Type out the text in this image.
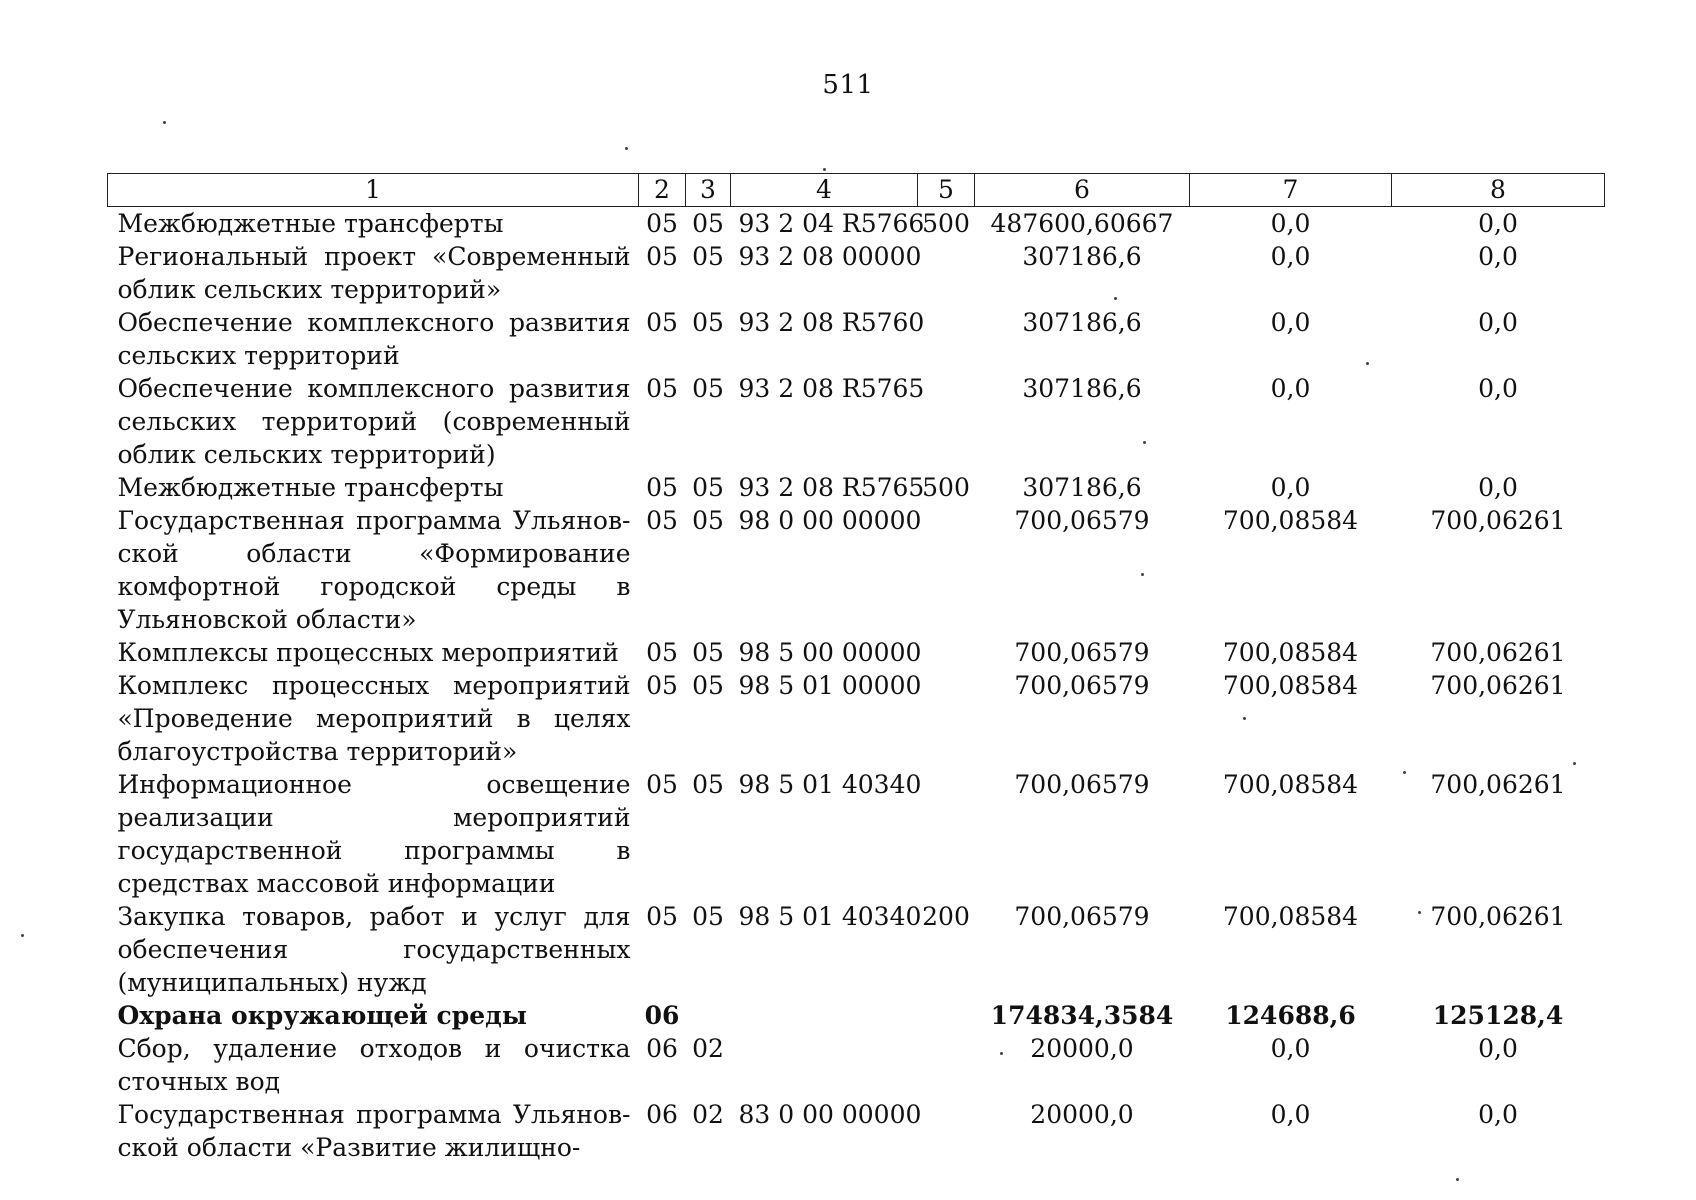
511
1	2	3	4	5	6	7	8
Межбюджетные трансферты	05	05	93 2 04 R5766	500	487600,60667	0,0	0,0
Региональный проект «Современный облик сельских территорий»	05	05	93 2 08 00000		307186,6	0,0	0,0
Обеспечение комплексного развития сельских территорий	05	05	93 2 08 R5760		307186,6	0,0	0,0
Обеспечение комплексного развития сельских территорий (современный облик сельских территорий)	05	05	93 2 08 R5765		307186,6	0,0	0,0
Межбюджетные трансферты	05	05	93 2 08 R5765	500	307186,6	0,0	0,0
Государственная программа Ульяновской области «Формирование комфортной городской среды в Ульяновской области»	05	05	98 0 00 00000		700,06579	700,08584	700,06261
Комплексы процессных мероприятий	05	05	98 5 00 00000		700,06579	700,08584	700,06261
Комплекс процессных мероприятий «Проведение мероприятий в целях благоустройства территорий»	05	05	98 5 01 00000		700,06579	700,08584	700,06261
Информационное освещение реализации мероприятий государственной программы в средствах массовой информации	05	05	98 5 01 40340		700,06579	700,08584	700,06261
Закупка товаров, работ и услуг для обеспечения государственных (муниципальных) нужд	05	05	98 5 01 40340	200	700,06579	700,08584	700,06261
Охрана окружающей среды	06				174834,3584	124688,6	125128,4
Сбор, удаление отходов и очистка сточных вод	06	02			20000,0	0,0	0,0
Государственная программа Ульяновской области «Развитие жилищно-	06	02	83 0 00 00000		20000,0	0,0	0,0
